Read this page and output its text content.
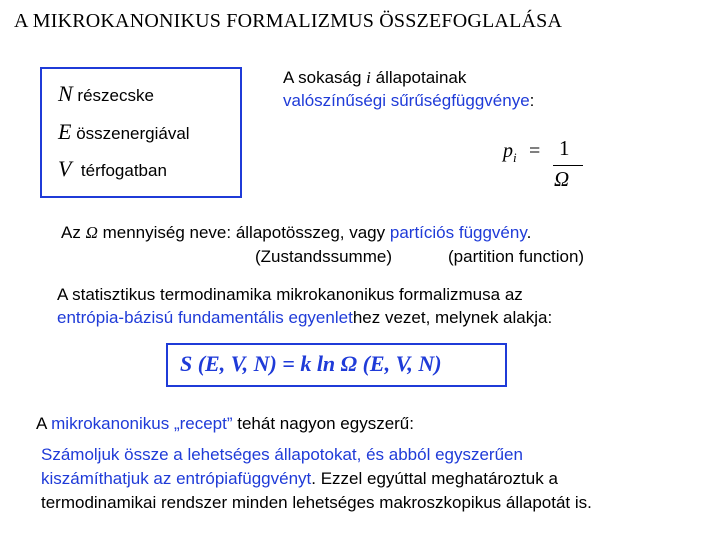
A MIKROKANONIKUS FORMALIZMUS ÖSSZEFOGLALÁSA
N részecske
E összenergiával
V térfogatban
A sokaság i állapotainak
valószínűségi sűrűségfüggvénye:
$p_i = 1$
Ω
Az Ω mennyiség neve: állapotösszeg, vagy partíciós függvény.
(Zustandssumme)	(partition function)
A statisztikus termodinamika mikrokanonikus formalizmusa az
entrópia-bázisú fundamentális egyenlethez vezet, melynek alakja:
S (E, V, N) = k ln Ω (E, V, N)
A mikrokanonikus „recept” tehát nagyon egyszerű:
Számoljuk össze a lehetséges állapotokat, és abból egyszerűen
kiszámíthatjuk az entrópiafüggvényt. Ezzel egyúttal meghatároztuk a
termodinamikai rendszer minden lehetséges makroszkopikus állapotát is.
